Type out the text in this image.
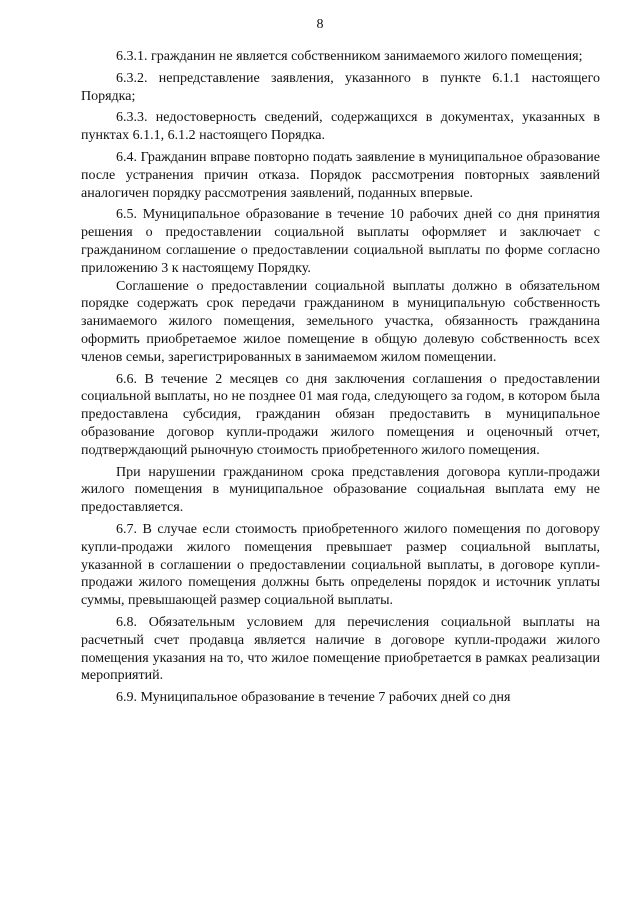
8

6.3.1. гражданин не является собственником занимаемого жилого помещения;

6.3.2. непредставление заявления, указанного в пункте 6.1.1 настоящего Порядка;

6.3.3. недостоверность сведений, содержащихся в документах, указанных в пунктах 6.1.1, 6.1.2 настоящего Порядка.

6.4. Гражданин вправе повторно подать заявление в муниципальное образование после устранения причин отказа. Порядок рассмотрения повторных заявлений аналогичен порядку рассмотрения заявлений, поданных впервые.

6.5. Муниципальное образование в течение 10 рабочих дней со дня принятия решения о предоставлении социальной выплаты оформляет и заключает с гражданином соглашение о предоставлении социальной выплаты по форме согласно приложению 3 к настоящему Порядку.

Соглашение о предоставлении социальной выплаты должно в обязательном порядке содержать срок передачи гражданином в муниципальную собственность занимаемого жилого помещения, земельного участка, обязанность гражданина оформить приобретаемое жилое помещение в общую долевую собственность всех членов семьи, зарегистрированных в занимаемом жилом помещении.

6.6. В течение 2 месяцев со дня заключения соглашения о предоставлении социальной выплаты, но не позднее 01 мая года, следующего за годом, в котором была предоставлена субсидия, гражданин обязан предоставить в муниципальное образование договор купли-продажи жилого помещения и оценочный отчет, подтверждающий рыночную стоимость приобретенного жилого помещения.

При нарушении гражданином срока представления договора купли-продажи жилого помещения в муниципальное образование социальная выплата ему не предоставляется.

6.7. В случае если стоимость приобретенного жилого помещения по договору купли-продажи жилого помещения превышает размер социальной выплаты, указанной в соглашении о предоставлении социальной выплаты, в договоре купли-продажи жилого помещения должны быть определены порядок и источник уплаты суммы, превышающей размер социальной выплаты.

6.8. Обязательным условием для перечисления социальной выплаты на расчетный счет продавца является наличие в договоре купли-продажи жилого помещения указания на то, что жилое помещение приобретается в рамках реализации мероприятий.

6.9. Муниципальное образование в течение 7 рабочих дней со дня
